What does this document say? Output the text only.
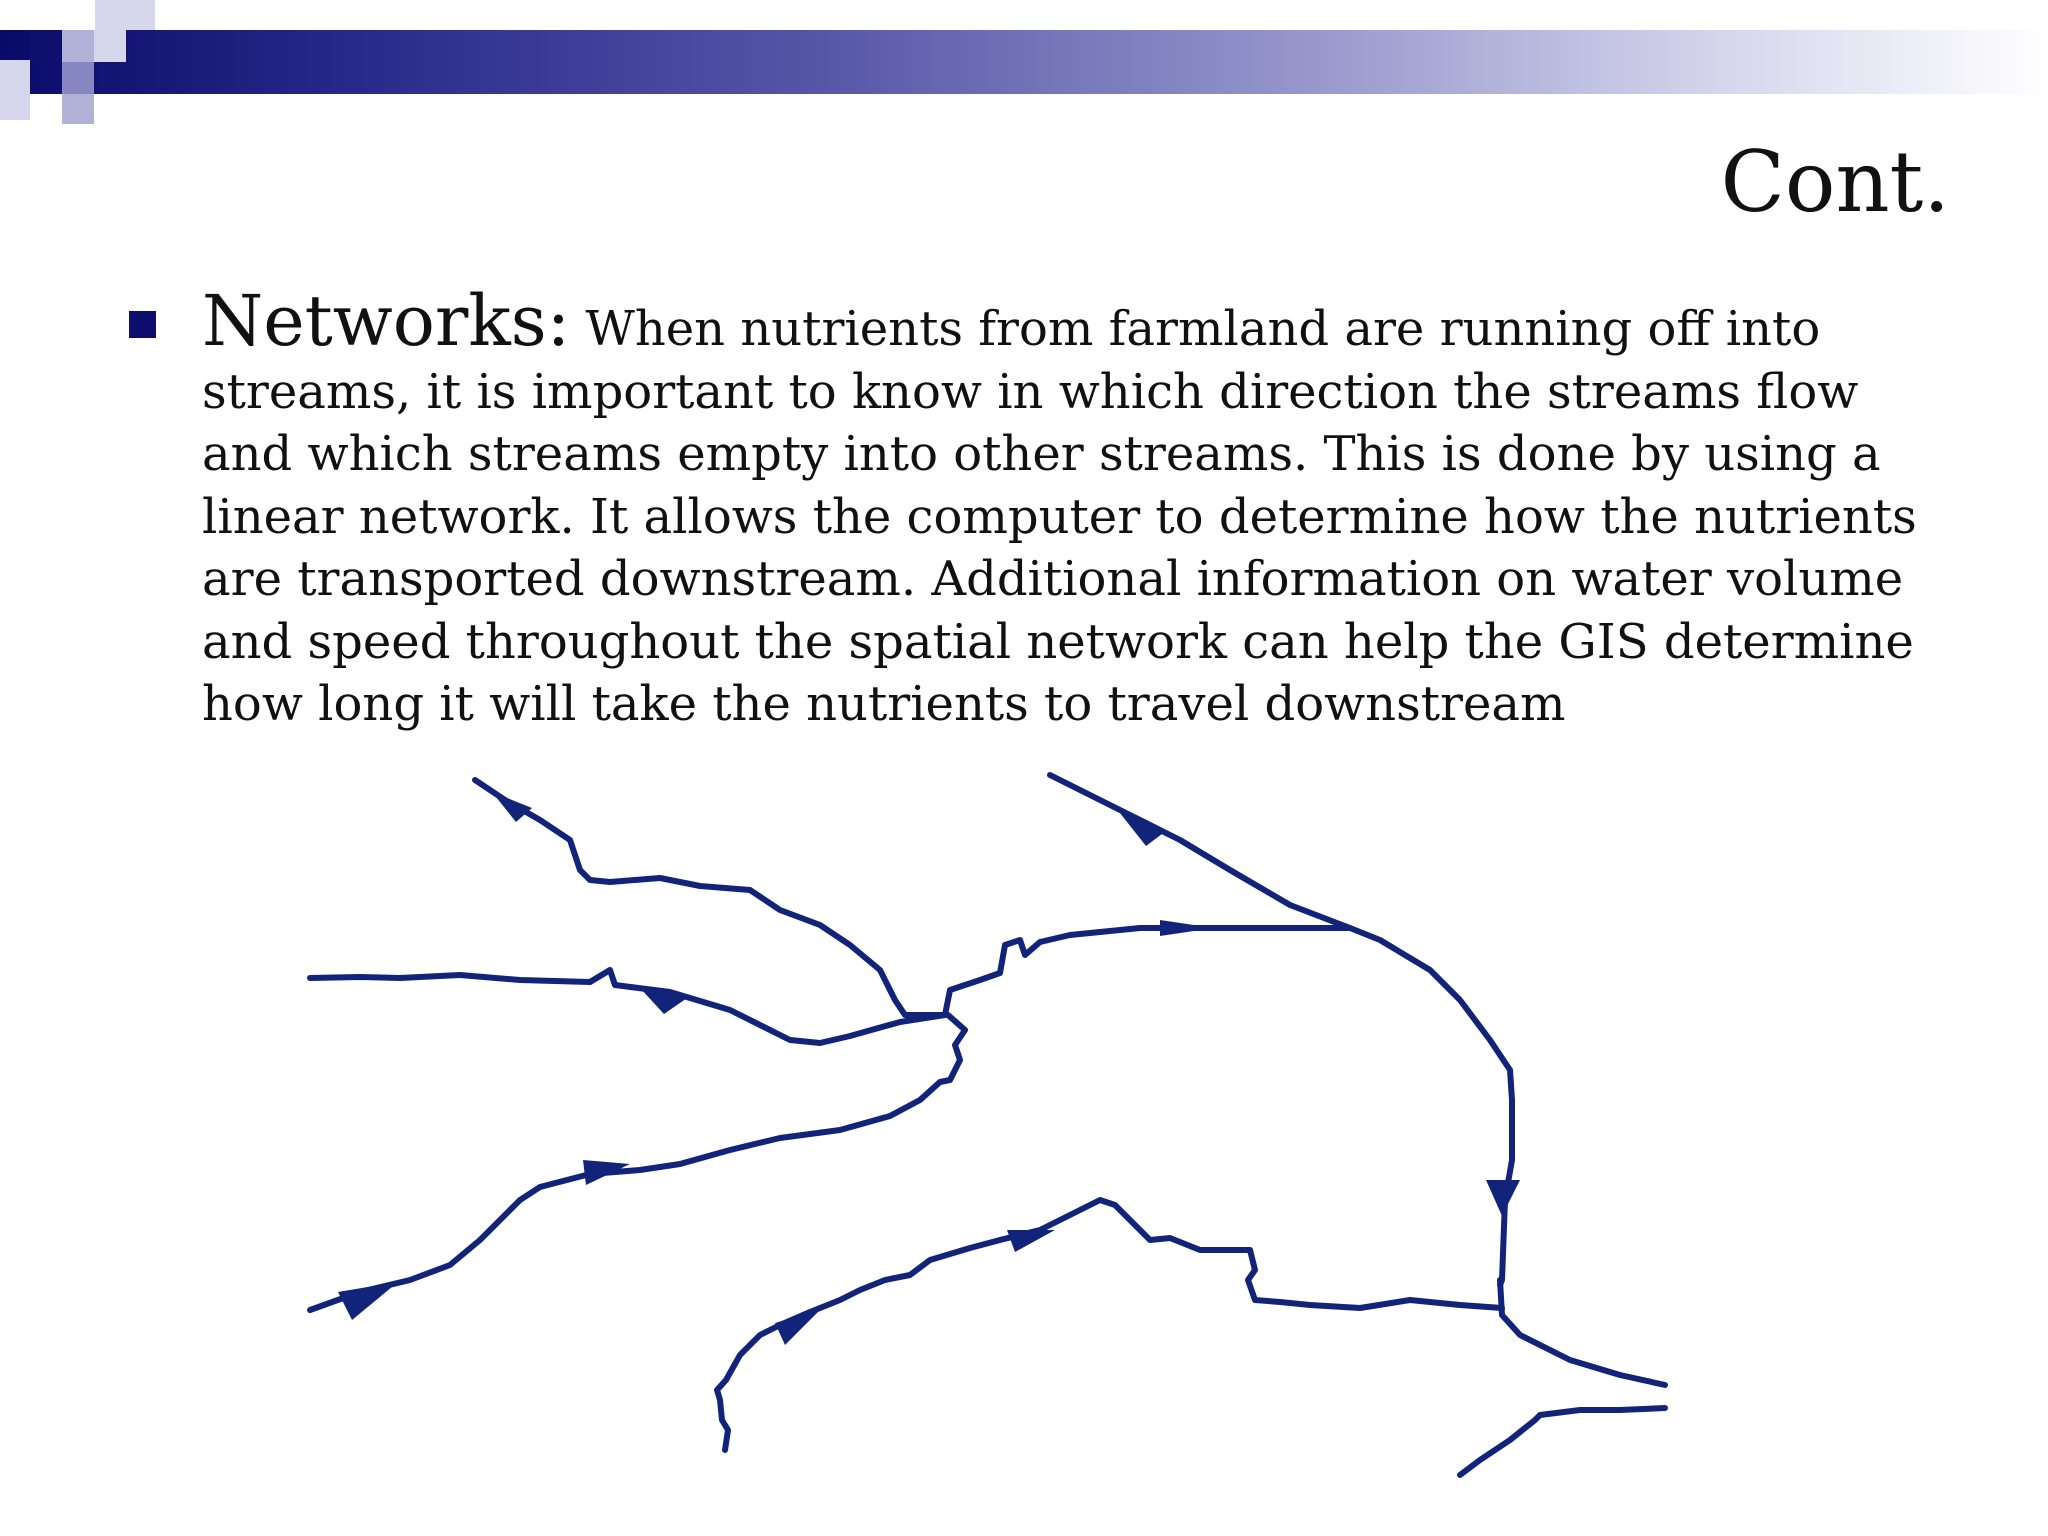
Cont.

Networks: When nutrients from farmland are running off into streams, it is important to know in which direction the streams flow and which streams empty into other streams. This is done by using a linear network. It allows the computer to determine how the nutrients are transported downstream. Additional information on water volume and speed throughout the spatial network can help the GIS determine how long it will take the nutrients to travel downstream
